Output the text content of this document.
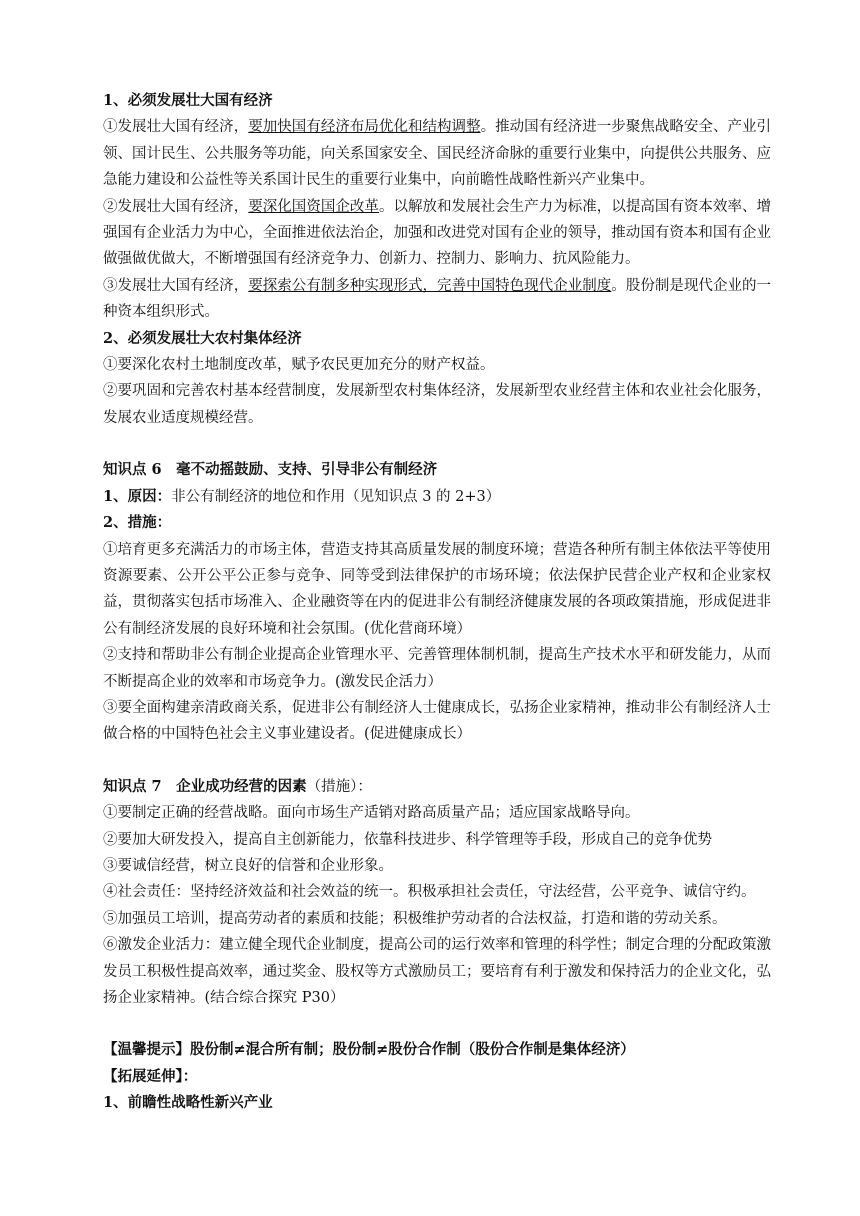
1、必须发展壮大国有经济

①发展壮大国有经济，要加快国有经济布局优化和结构调整。推动国有经济进一步聚焦战略安全、产业引领、国计民生、公共服务等功能，向关系国家安全、国民经济命脉的重要行业集中，向提供公共服务、应急能力建设和公益性等关系国计民生的重要行业集中，向前瞻性战略性新兴产业集中。

②发展壮大国有经济，要深化国资国企改革。以解放和发展社会生产力为标准，以提高国有资本效率、增强国有企业活力为中心，全面推进依法治企，加强和改进党对国有企业的领导，推动国有资本和国有企业做强做优做大，不断增强国有经济竞争力、创新力、控制力、影响力、抗风险能力。

③发展壮大国有经济，要探索公有制多种实现形式，完善中国特色现代企业制度。股份制是现代企业的一种资本组织形式。

2、必须发展壮大农村集体经济

①要深化农村土地制度改革，赋予农民更加充分的财产权益。

②要巩固和完善农村基本经营制度，发展新型农村集体经济，发展新型农业经营主体和农业社会化服务，发展农业适度规模经营。

知识点 6　毫不动摇鼓励、支持、引导非公有制经济

1、原因：非公有制经济的地位和作用（见知识点 3 的 2+3）

2、措施：

①培育更多充满活力的市场主体，营造支持其高质量发展的制度环境；营造各种所有制主体依法平等使用资源要素、公开公平公正参与竞争、同等受到法律保护的市场环境；依法保护民营企业产权和企业家权益，贯彻落实包括市场准入、企业融资等在内的促进非公有制经济健康发展的各项政策措施，形成促进非公有制经济发展的良好环境和社会氛围。(优化营商环境）

②支持和帮助非公有制企业提高企业管理水平、完善管理体制机制，提高生产技术水平和研发能力，从而不断提高企业的效率和市场竞争力。(激发民企活力）

③要全面构建亲清政商关系，促进非公有制经济人士健康成长，弘扬企业家精神，推动非公有制经济人士做合格的中国特色社会主义事业建设者。(促进健康成长）

知识点 7　企业成功经营的因素（措施）：

①要制定正确的经营战略。面向市场生产适销对路高质量产品；适应国家战略导向。

②要加大研发投入，提高自主创新能力，依靠科技进步、科学管理等手段，形成自己的竞争优势

③要诚信经营，树立良好的信誉和企业形象。

④社会责任：坚持经济效益和社会效益的统一。积极承担社会责任，守法经营，公平竞争、诚信守约。

⑤加强员工培训，提高劳动者的素质和技能；积极维护劳动者的合法权益，打造和谐的劳动关系。

⑥激发企业活力：建立健全现代企业制度，提高公司的运行效率和管理的科学性；制定合理的分配政策激发员工积极性提高效率，通过奖金、股权等方式激励员工；要培育有利于激发和保持活力的企业文化，弘扬企业家精神。(结合综合探究 P30）

【温馨提示】股份制≠混合所有制；股份制≠股份合作制（股份合作制是集体经济）

【拓展延伸】：

1、前瞻性战略性新兴产业
